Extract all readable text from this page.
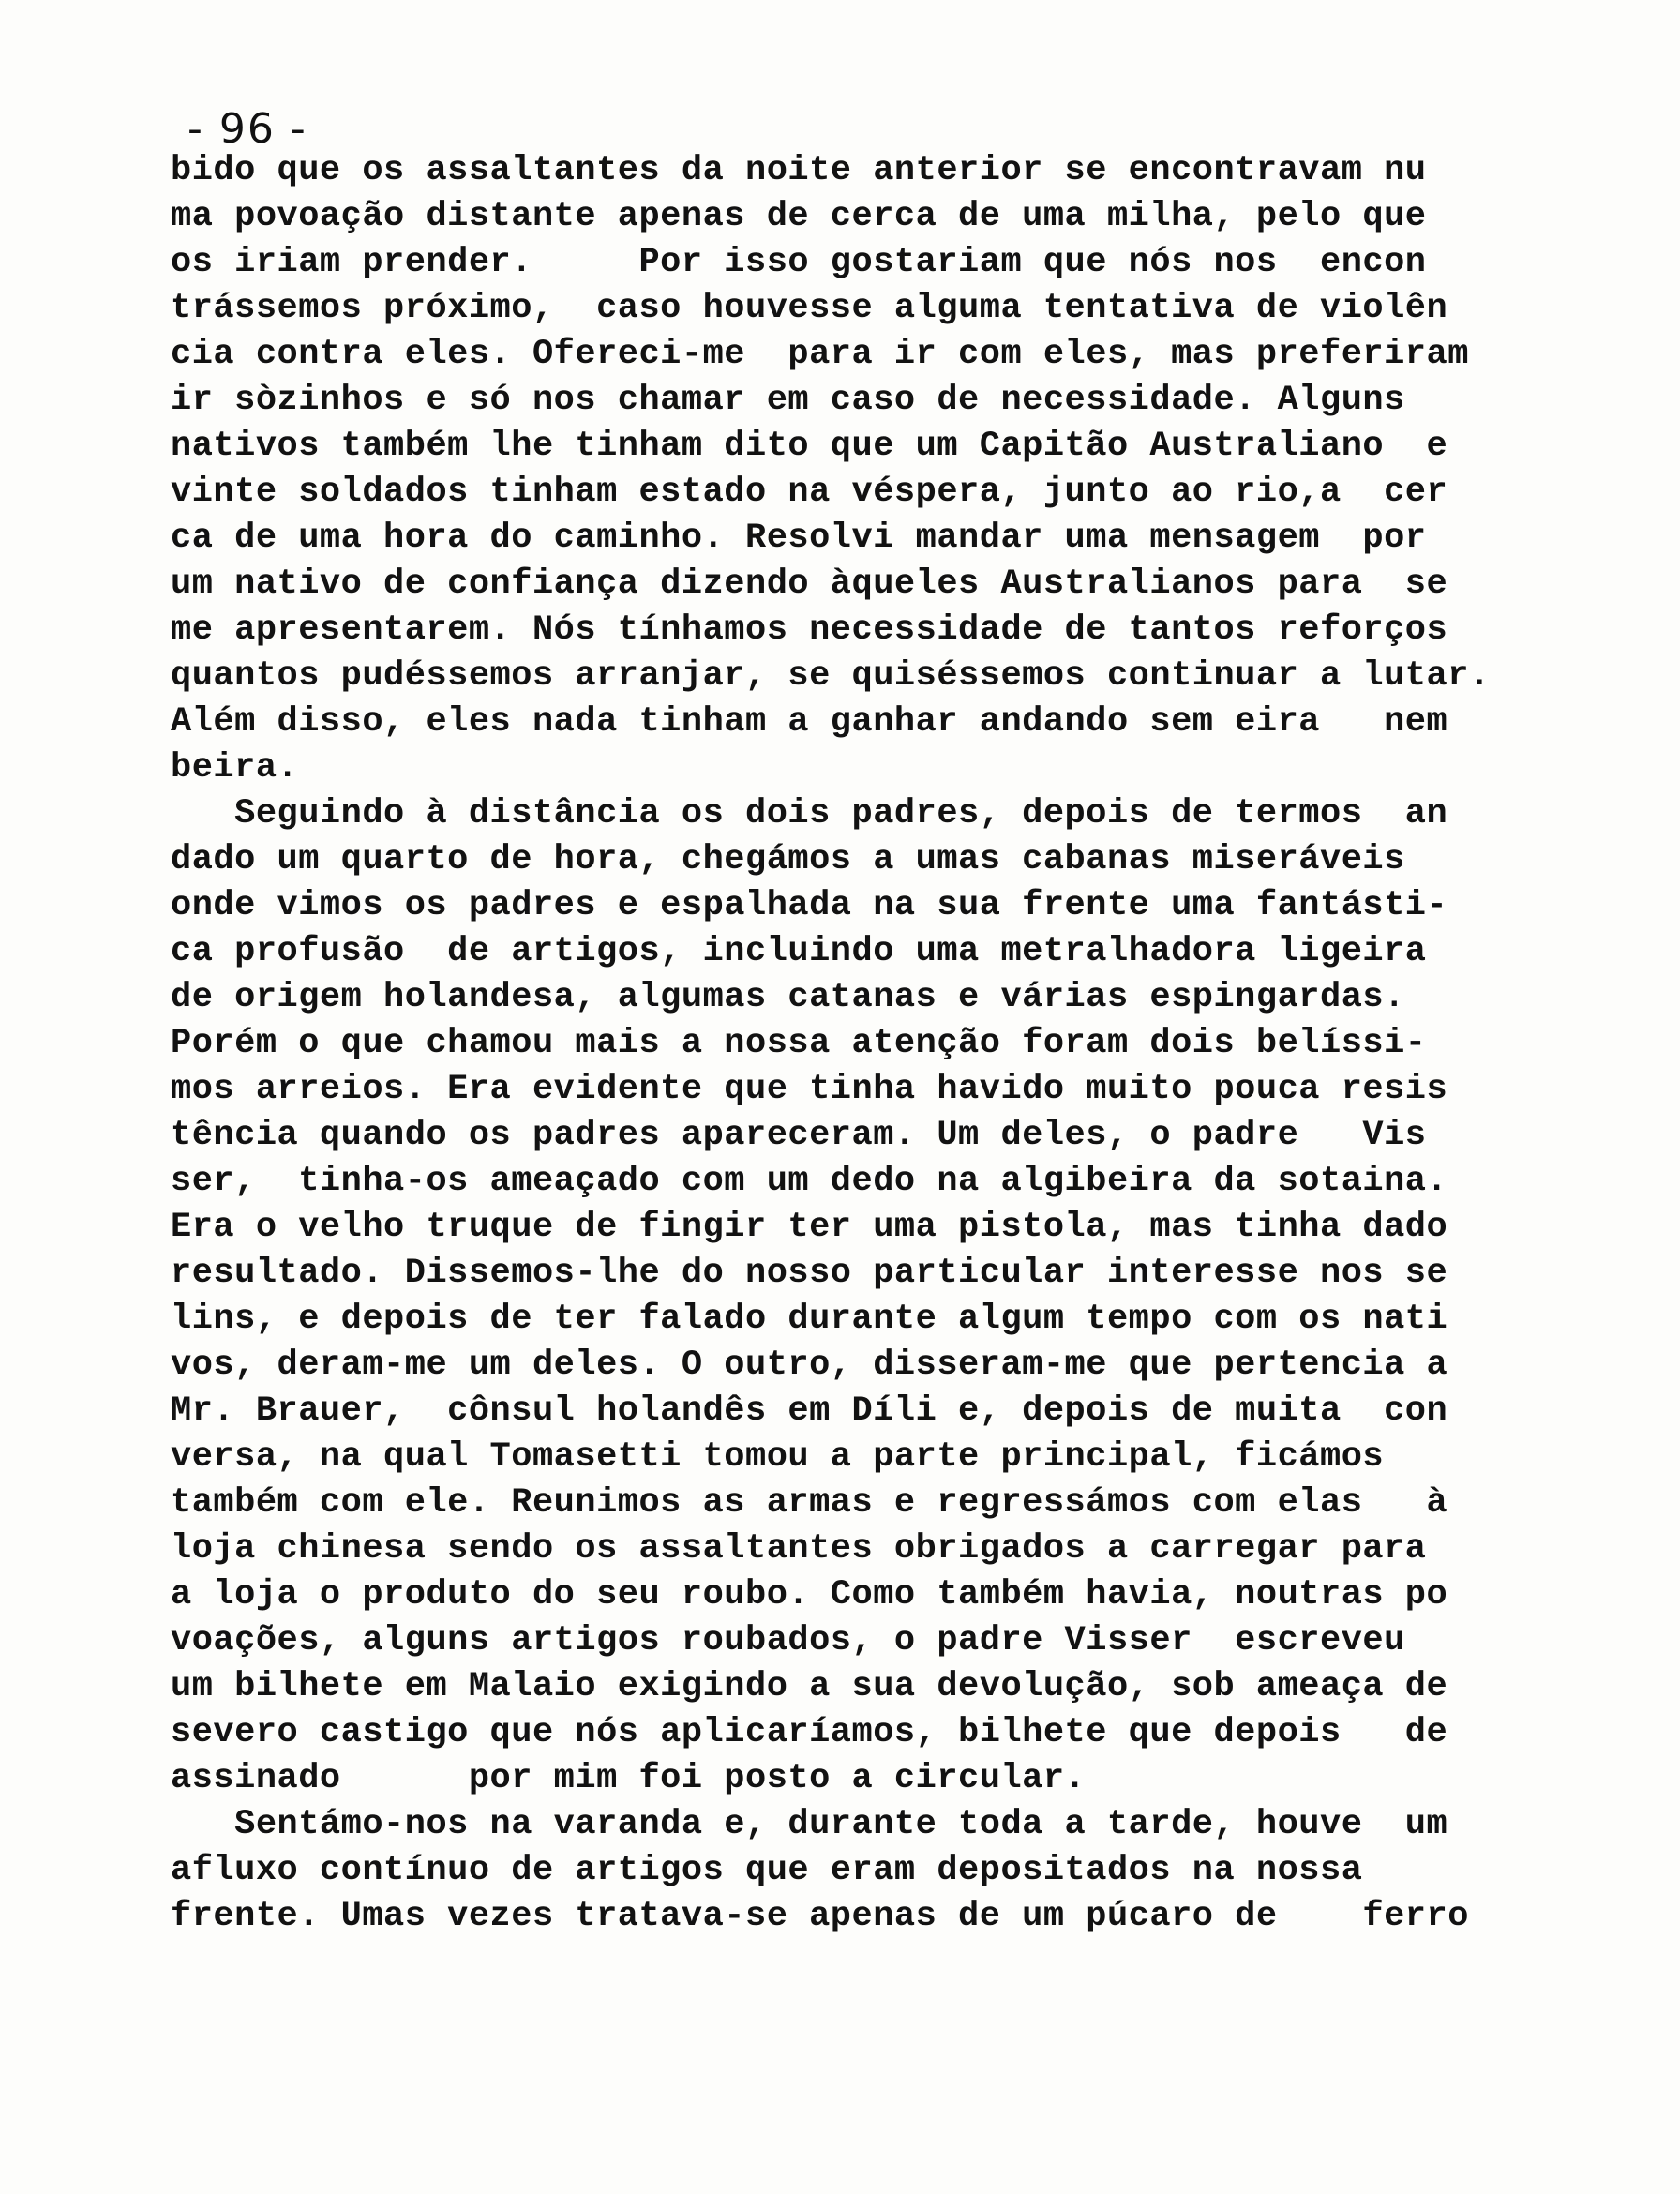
- 96 -
bido que os assaltantes da noite anterior se encontravam nu
ma povoação distante apenas de cerca de uma milha, pelo que
os iriam prender.     Por isso gostariam que nós nos  encon
trássemos próximo,  caso houvesse alguma tentativa de violên
cia contra eles. Ofereci-me  para ir com eles, mas preferiram
ir sòzinhos e só nos chamar em caso de necessidade. Alguns
nativos também lhe tinham dito que um Capitão Australiano  e
vinte soldados tinham estado na véspera, junto ao rio,a  cer
ca de uma hora do caminho. Resolvi mandar uma mensagem  por
um nativo de confiança dizendo àqueles Australianos para  se
me apresentarem. Nós tínhamos necessidade de tantos reforços
quantos pudéssemos arranjar, se quiséssemos continuar a lutar.
Além disso, eles nada tinham a ganhar andando sem eira   nem
beira.
Seguindo à distância os dois padres, depois de termos  an
dado um quarto de hora, chegámos a umas cabanas miseráveis
onde vimos os padres e espalhada na sua frente uma fantásti-
ca profusão  de artigos, incluindo uma metralhadora ligeira
de origem holandesa, algumas catanas e várias espingardas.
Porém o que chamou mais a nossa atenção foram dois belíssi-
mos arreios. Era evidente que tinha havido muito pouca resis
tência quando os padres apareceram. Um deles, o padre   Vis
ser,  tinha-os ameaçado com um dedo na algibeira da sotaina.
Era o velho truque de fingir ter uma pistola, mas tinha dado
resultado. Dissemos-lhe do nosso particular interesse nos se
lins, e depois de ter falado durante algum tempo com os nati
vos, deram-me um deles. O outro, disseram-me que pertencia a
Mr. Brauer,  cônsul holandês em Díli e, depois de muita  con
versa, na qual Tomasetti tomou a parte principal, ficámos
também com ele. Reunimos as armas e regressámos com elas   à
loja chinesa sendo os assaltantes obrigados a carregar para
a loja o produto do seu roubo. Como também havia, noutras po
voações, alguns artigos roubados, o padre Visser  escreveu
um bilhete em Malaio exigindo a sua devolução, sob ameaça de
severo castigo que nós aplicaríamos, bilhete que depois   de
assinado      por mim foi posto a circular.
Sentámo-nos na varanda e, durante toda a tarde, houve  um
afluxo contínuo de artigos que eram depositados na nossa
frente. Umas vezes tratava-se apenas de um púcaro de    ferro
